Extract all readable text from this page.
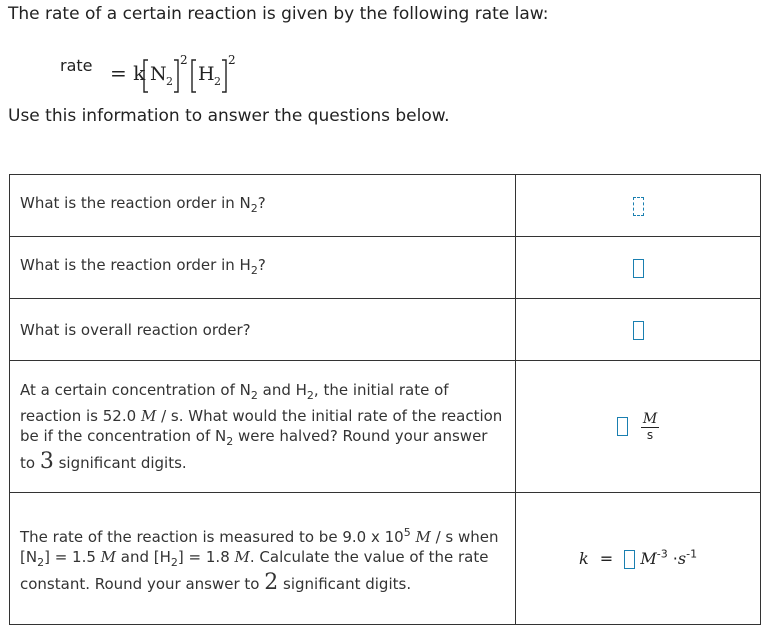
The rate of a certain reaction is given by the following rate law:
rate = k N 2
2
H 2
2
Use this information to answer the questions below.
What is the reaction order in $N_2$?	
What is the reaction order in $H_2$?	
What is overall reaction order?	
At a certain concentration of $N_2$ and $H_2$, the initial rate of reaction is 52.0 M / s. What would the initial rate of the reaction be if the concentration of $N_2$ were halved? Round your answer to 3 significant digits.	$\frac{M}{s}$

The rate of the reaction is measured to be 9.0 x $10^5$ M / s when $[N_2] = 1.5$ M and $[H_2] = 1.8$ M. Calculate the value of the rate constant. Round your answer to 2 significant digits.	$k = M^{-3} \cdot s^{-1}$
